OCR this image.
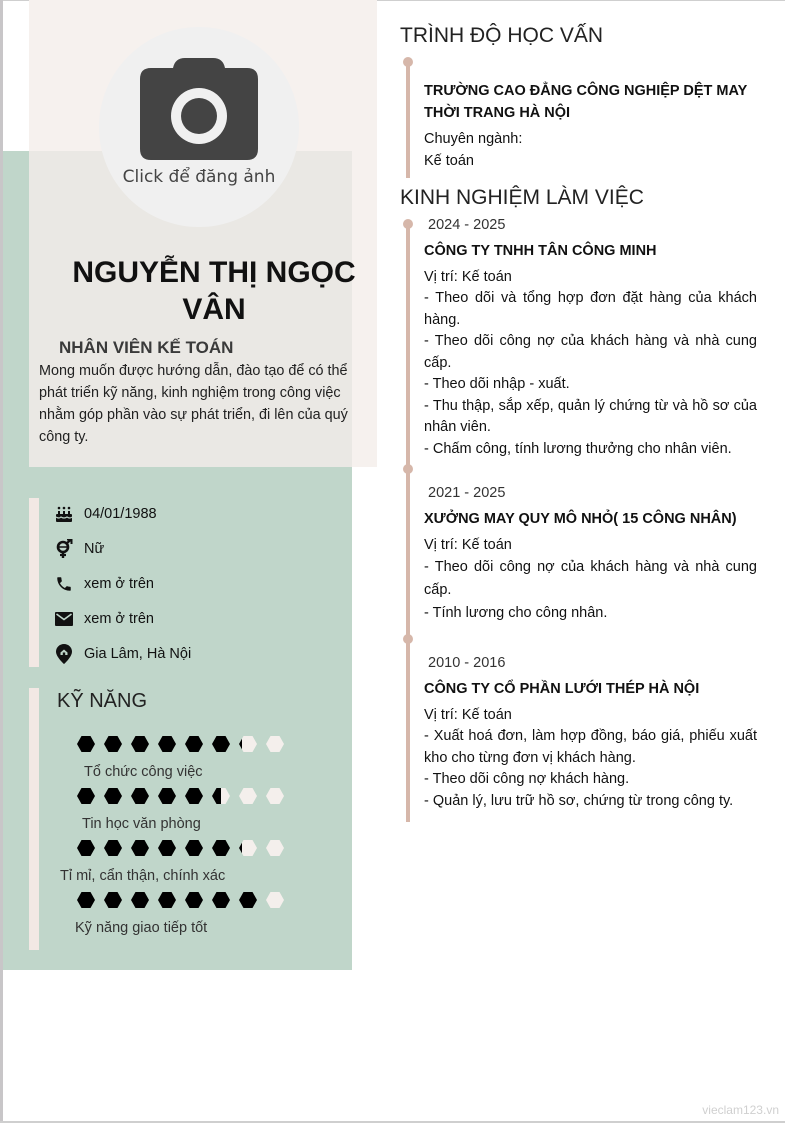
Click để đăng ảnh
NGUYỄN THỊ NGỌC VÂN
NHÂN VIÊN KẾ TOÁN
Mong muốn được hướng dẫn, đào tạo để có thể phát triển kỹ năng, kinh nghiệm trong công việc nhằm góp phần vào sự phát triển, đi lên của quý công ty.
04/01/1988
Nữ
xem ở trên
xem ở trên
Gia Lâm, Hà Nội
KỸ NĂNG
Tổ chức công việc
Tin học văn phòng
Tỉ mỉ, cẩn thận, chính xác
Kỹ năng giao tiếp tốt
TRÌNH ĐỘ HỌC VẤN
TRƯỜNG CAO ĐẲNG CÔNG NGHIỆP DỆT MAY THỜI TRANG HÀ NỘI
Chuyên ngành:
Kế toán
KINH NGHIỆM LÀM VIỆC
2024 - 2025
CÔNG TY TNHH TÂN CÔNG MINH
Vị trí: Kế toán
- Theo dõi và tổng hợp đơn đặt hàng của khách hàng.
- Theo dõi công nợ của khách hàng và nhà cung cấp.
- Theo dõi nhập - xuất.
- Thu thập, sắp xếp, quản lý chứng từ và hồ sơ của nhân viên.
- Chấm công, tính lương thưởng cho nhân viên.
2021 - 2025
XƯỞNG MAY QUY MÔ NHỎ( 15 CÔNG NHÂN)
Vị trí: Kế toán
- Theo dõi công nợ của khách hàng và nhà cung cấp.
- Tính lương cho công nhân.
2010 - 2016
CÔNG TY CỔ PHẦN LƯỚI THÉP HÀ NỘI
Vị trí: Kế toán
- Xuất hoá đơn, làm hợp đồng, báo giá, phiếu xuất kho cho từng đơn vị khách hàng.
- Theo dõi công nợ khách hàng.
- Quản lý, lưu trữ hồ sơ, chứng từ trong công ty.
vieclam123.vn
